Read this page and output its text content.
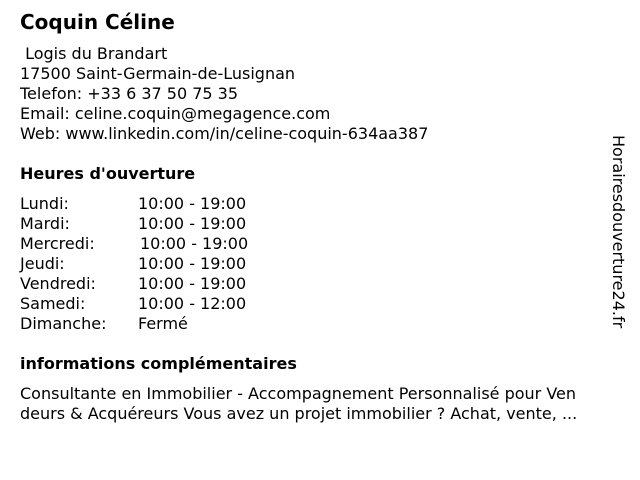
Coquin Céline
Logis du Brandart
17500 Saint-Germain-de-Lusignan
Telefon: +33 6 37 50 75 35
Email: celine.coquin@megagence.com
Web: www.linkedin.com/in/celine-coquin-634aa387
Heures d'ouverture
Lundi:	10:00 - 19:00
Mardi:	10:00 - 19:00
Mercredi:	10:00 - 19:00
Jeudi:	10:00 - 19:00
Vendredi:	10:00 - 19:00
Samedi:	10:00 - 12:00
Dimanche:	Fermé
informations complémentaires
Consultante en Immobilier - Accompagnement Personnalisé pour Ven
deurs & Acquéreurs Vous avez un projet immobilier ? Achat, vente, ...
Horairesdouverture24.fr
